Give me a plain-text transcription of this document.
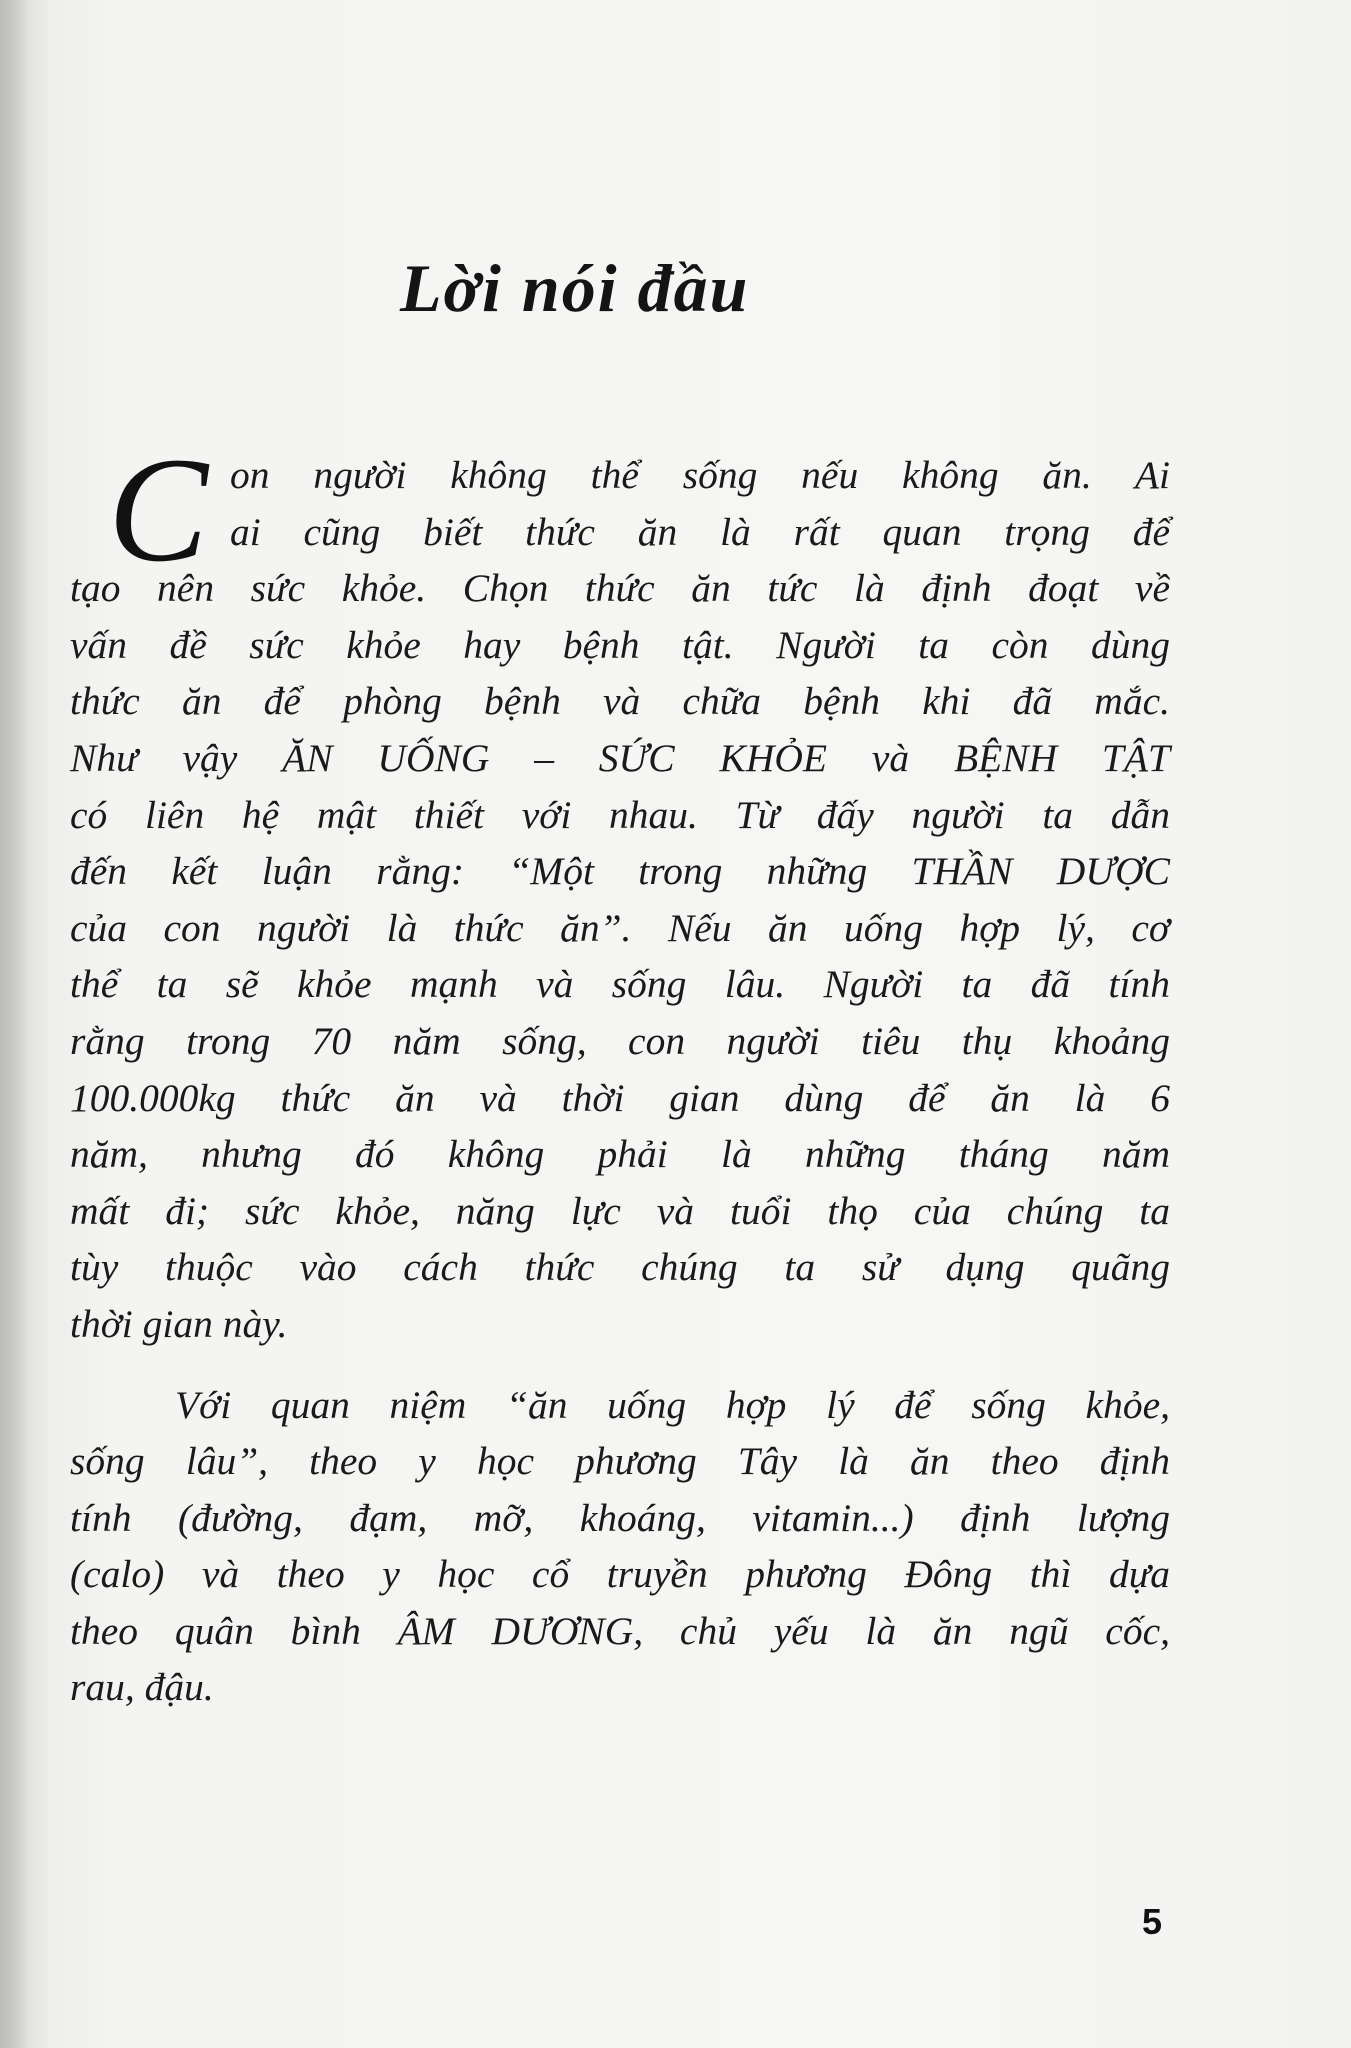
Lời nói đầu
C on người không thể sống nếu không ăn. Ai
ai cũng biết thức ăn là rất quan trọng để
tạo nên sức khỏe. Chọn thức ăn tức là định đoạt về
vấn đề sức khỏe hay bệnh tật. Người ta còn dùng
thức ăn để phòng bệnh và chữa bệnh khi đã mắc.
Như vậy ĂN UỐNG – SỨC KHỎE và BỆNH TẬT
có liên hệ mật thiết với nhau. Từ đấy người ta dẫn
đến kết luận rằng: “Một trong những THẦN DƯỢC
của con người là thức ăn”. Nếu ăn uống hợp lý, cơ
thể ta sẽ khỏe mạnh và sống lâu. Người ta đã tính
rằng trong 70 năm sống, con người tiêu thụ khoảng
100.000kg thức ăn và thời gian dùng để ăn là 6
năm, nhưng đó không phải là những tháng năm
mất đi; sức khỏe, năng lực và tuổi thọ của chúng ta
tùy thuộc vào cách thức chúng ta sử dụng quãng
thời gian này.

Với quan niệm “ăn uống hợp lý để sống khỏe,
sống lâu”, theo y học phương Tây là ăn theo định
tính (đường, đạm, mỡ, khoáng, vitamin...) định lượng
(calo) và theo y học cổ truyền phương Đông thì dựa
theo quân bình ÂM DƯƠNG, chủ yếu là ăn ngũ cốc,
rau, đậu.

5
